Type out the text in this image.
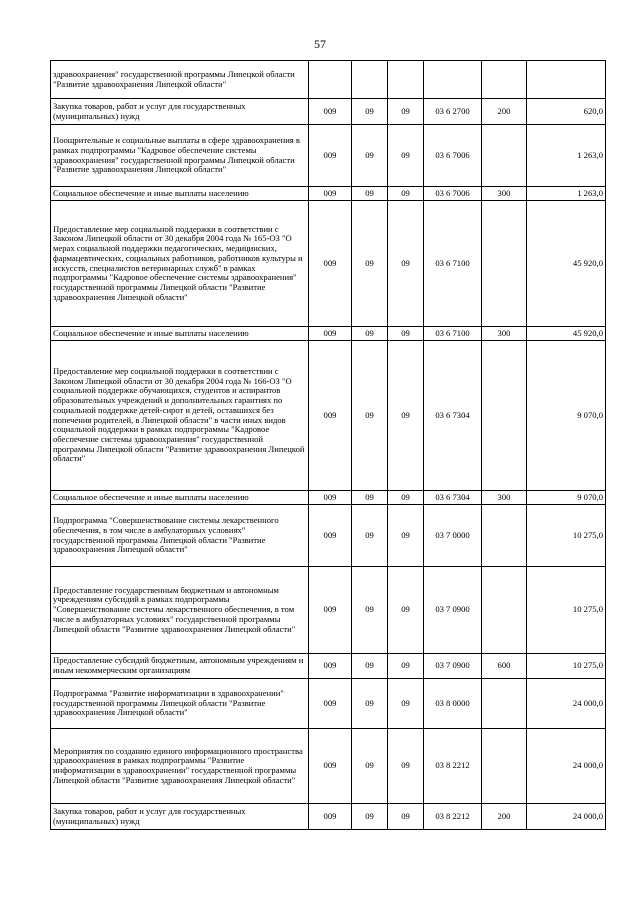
57
здравоохранения" государственной программы Липецкой области "Развитие здравоохранения Липецкой области"						
Закупка товаров, работ и услуг для государственных (муниципальных) нужд	009	09	09	03 6 2700	200	620,0
Поощрительные и социальные выплаты в сфере здравоохранения в рамках подпрограммы "Кадровое обеспечение системы здравоохранения" государственной программы Липецкой области "Развитие здравоохранения Липецкой области"	009	09	09	03 6 7006		1 263,0
Социальное обеспечение и иные выплаты населению	009	09	09	03 6 7006	300	1 263,0
Предоставление мер социальной поддержки в соответствии с Законом Липецкой области от 30 декабря 2004 года № 165-ОЗ "О мерах социальной поддержки педагогических, медицинских, фармацевтических, социальных работников, работников культуры и искусств, специалистов ветеринарных служб" в рамках подпрограммы "Кадровое обеспечение системы здравоохранения" государственной программы Липецкой области "Развитие здравоохранения Липецкой области"	009	09	09	03 6 7100		45 920,0
Социальное обеспечение и иные выплаты населению	009	09	09	03 6 7100	300	45 920,0
Предоставление мер социальной поддержки в соответствии с Законом Липецкой области от 30 декабря 2004 года № 166-ОЗ "О социальной поддержке обучающихся, студентов и аспирантов образовательных учреждений и дополнительных гарантиях по социальной поддержке детей-сирот и детей, оставшихся без попечения родителей, в Липецкой области" в части иных видов социальной поддержки в рамках подпрограммы "Кадровое обеспечение системы здравоохранения" государственной программы Липецкой области "Развитие здравоохранения Липецкой области"	009	09	09	03 6 7304		9 070,0
Социальное обеспечение и иные выплаты населению	009	09	09	03 6 7304	300	9 070,0
Подпрограмма "Совершенствование системы лекарственного обеспечения, в том числе в амбулаторных условиях" государственной программы Липецкой области "Развитие здравоохранения Липецкой области"	009	09	09	03 7 0000		10 275,0
Предоставление государственным бюджетным и автономным учреждениям субсидий в рамках подпрограммы "Совершенствование системы лекарственного обеспечения, в том числе в амбулаторных условиях" государственной программы Липецкой области "Развитие здравоохранения Липецкой области"	009	09	09	03 7 0900		10 275,0
Предоставление субсидий бюджетным, автономным учреждениям и иным некоммерческим организациям	009	09	09	03 7 0900	600	10 275,0
Подпрограмма "Развитие информатизации в здравоохранении" государственной программы Липецкой области "Развитие здравоохранения Липецкой области"	009	09	09	03 8 0000		24 000,0
Мероприятия по созданию единого информационного пространства здравоохранения в рамках подпрограммы "Развитие информатизации в здравоохранении" государственной программы Липецкой области "Развитие здравоохранения Липецкой области"	009	09	09	03 8 2212		24 000,0
Закупка товаров, работ и услуг для государственных (муниципальных) нужд	009	09	09	03 8 2212	200	24 000,0
